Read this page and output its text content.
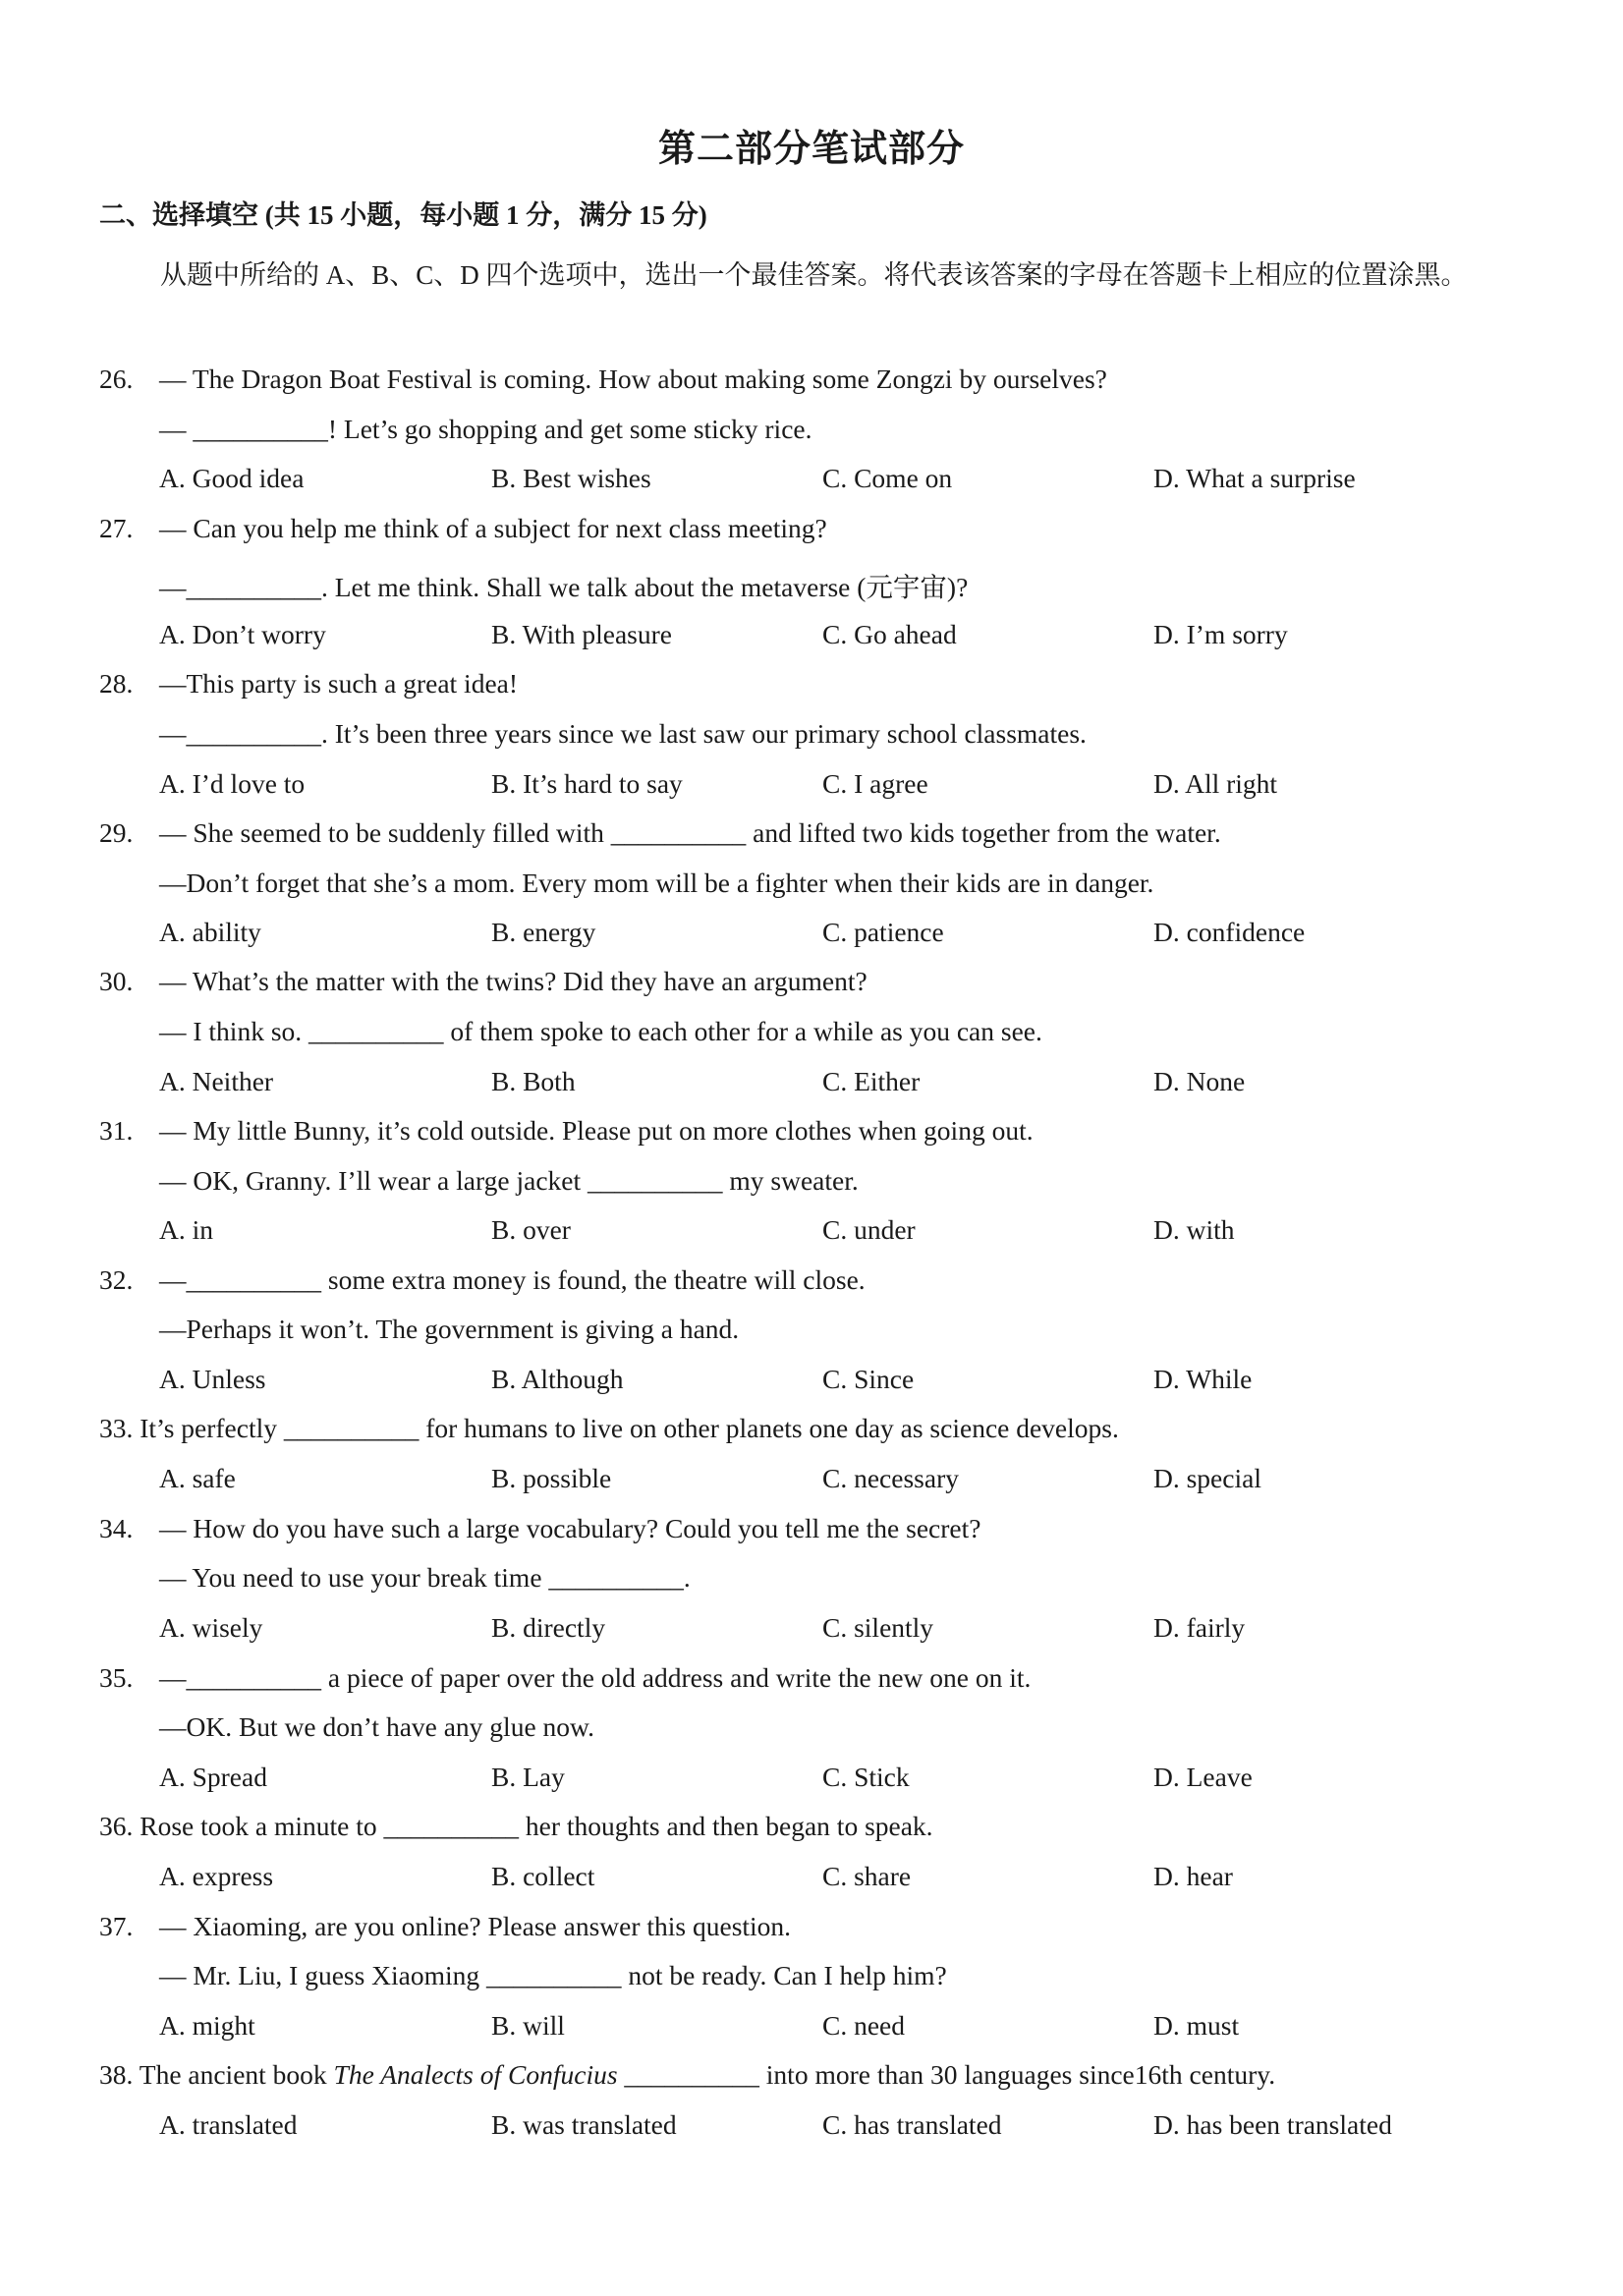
第二部分笔试部分
二、选择填空 (共 15 小题，每小题 1 分，满分 15 分)
从题中所给的 A、B、C、D 四个选项中，选出一个最佳答案。将代表该答案的字母在答题卡上相应的位置涂黑。
26. — The Dragon Boat Festival is coming. How about making some Zongzi by ourselves?
— __________! Let’s go shopping and get some sticky rice.
A. Good idea	B. Best wishes	C. Come on	D. What a surprise
27. — Can you help me think of a subject for next class meeting?
—__________. Let me think. Shall we talk about the metaverse (元宇宙)?
A. Don’t worry	B. With pleasure	C. Go ahead	D. I’m sorry
28. —This party is such a great idea!
—__________. It’s been three years since we last saw our primary school classmates.
A. I’d love to	B. It’s hard to say	C. I agree	D. All right
29. — She seemed to be suddenly filled with __________ and lifted two kids together from the water.
—Don’t forget that she’s a mom. Every mom will be a fighter when their kids are in danger.
A. ability	B. energy	C. patience	D. confidence
30. — What’s the matter with the twins? Did they have an argument?
— I think so. __________ of them spoke to each other for a while as you can see.
A. Neither	B. Both	C. Either	D. None
31. — My little Bunny, it’s cold outside. Please put on more clothes when going out.
— OK, Granny. I’ll wear a large jacket __________ my sweater.
A. in	B. over	C. under	D. with
32. —__________ some extra money is found, the theatre will close.
—Perhaps it won’t. The government is giving a hand.
A. Unless	B. Although	C. Since	D. While
33. It’s perfectly __________ for humans to live on other planets one day as science develops.
A. safe	B. possible	C. necessary	D. special
34. — How do you have such a large vocabulary? Could you tell me the secret?
— You need to use your break time __________.
A. wisely	B. directly	C. silently	D. fairly
35. —__________ a piece of paper over the old address and write the new one on it.
—OK. But we don’t have any glue now.
A. Spread	B. Lay	C. Stick	D. Leave
36. Rose took a minute to __________ her thoughts and then began to speak.
A. express	B. collect	C. share	D. hear
37. — Xiaoming, are you online? Please answer this question.
— Mr. Liu, I guess Xiaoming __________ not be ready. Can I help him?
A. might	B. will	C. need	D. must
38. The ancient book The Analects of Confucius __________ into more than 30 languages since16th century.
A. translated	B. was translated	C. has translated	D. has been translated
